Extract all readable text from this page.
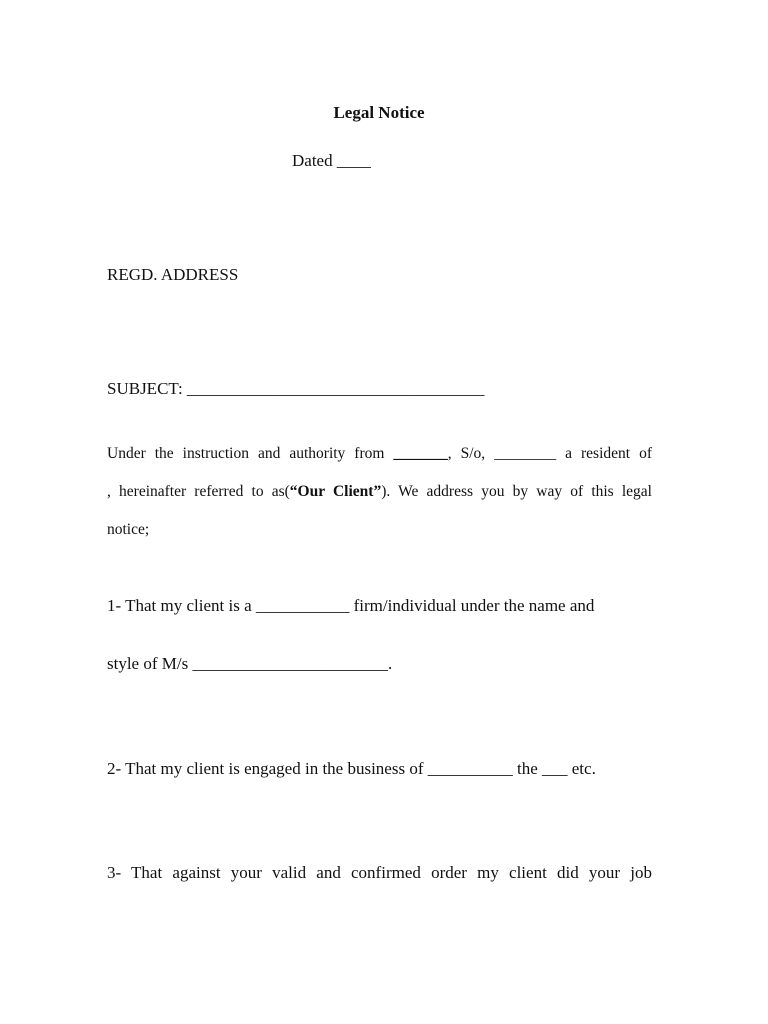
Legal Notice
Dated ____
REGD. ADDRESS
SUBJECT: ___________________________________
Under the instruction and authority from _______, S/o, ________ a resident of
, hereinafter referred to as(“Our Client”). We address you by way of this legal
notice;
1- That my client is a ___________ firm/individual under the name and
style of M/s _______________________.
2- That my client is engaged in the business of __________ the ___ etc.
3- That against your valid and confirmed order my client did your job
